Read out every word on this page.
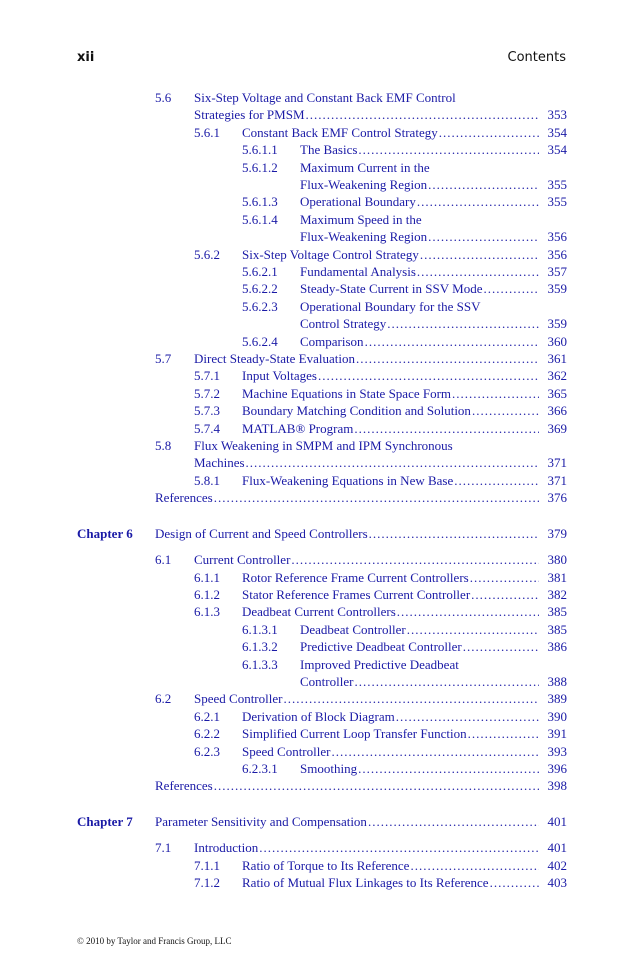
xii	Contents
5.6 Six-Step Voltage and Constant Back EMF Control
Strategies for PMSM .....	353
5.6.1 Constant Back EMF Control Strategy .....	354
5.6.1.1 The Basics .....	354
5.6.1.2 Maximum Current in the
Flux-Weakening Region .....	355
5.6.1.3 Operational Boundary .....	355
5.6.1.4 Maximum Speed in the
Flux-Weakening Region .....	356
5.6.2 Six-Step Voltage Control Strategy .....	356
5.6.2.1 Fundamental Analysis .....	357
5.6.2.2 Steady-State Current in SSV Mode .....	359
5.6.2.3 Operational Boundary for the SSV
Control Strategy .....	359
5.6.2.4 Comparison .....	360
5.7 Direct Steady-State Evaluation .....	361
5.7.1 Input Voltages .....	362
5.7.2 Machine Equations in State Space Form .....	365
5.7.3 Boundary Matching Condition and Solution .....	366
5.7.4 MATLAB® Program .....	369
5.8 Flux Weakening in SMPM and IPM Synchronous
Machines .....	371
5.8.1 Flux-Weakening Equations in New Base .....	371
References .....	376
Chapter 6 Design of Current and Speed Controllers .....	379
6.1 Current Controller .....	380
6.1.1 Rotor Reference Frame Current Controllers .....	381
6.1.2 Stator Reference Frames Current Controller .....	382
6.1.3 Deadbeat Current Controllers .....	385
6.1.3.1 Deadbeat Controller .....	385
6.1.3.2 Predictive Deadbeat Controller .....	386
6.1.3.3 Improved Predictive Deadbeat
Controller .....	388
6.2 Speed Controller .....	389
6.2.1 Derivation of Block Diagram .....	390
6.2.2 Simplified Current Loop Transfer Function .....	391
6.2.3 Speed Controller .....	393
6.2.3.1 Smoothing .....	396
References .....	398
Chapter 7 Parameter Sensitivity and Compensation .....	401
7.1 Introduction .....	401
7.1.1 Ratio of Torque to Its Reference .....	402
7.1.2 Ratio of Mutual Flux Linkages to Its Reference .....	403
© 2010 by Taylor and Francis Group, LLC
